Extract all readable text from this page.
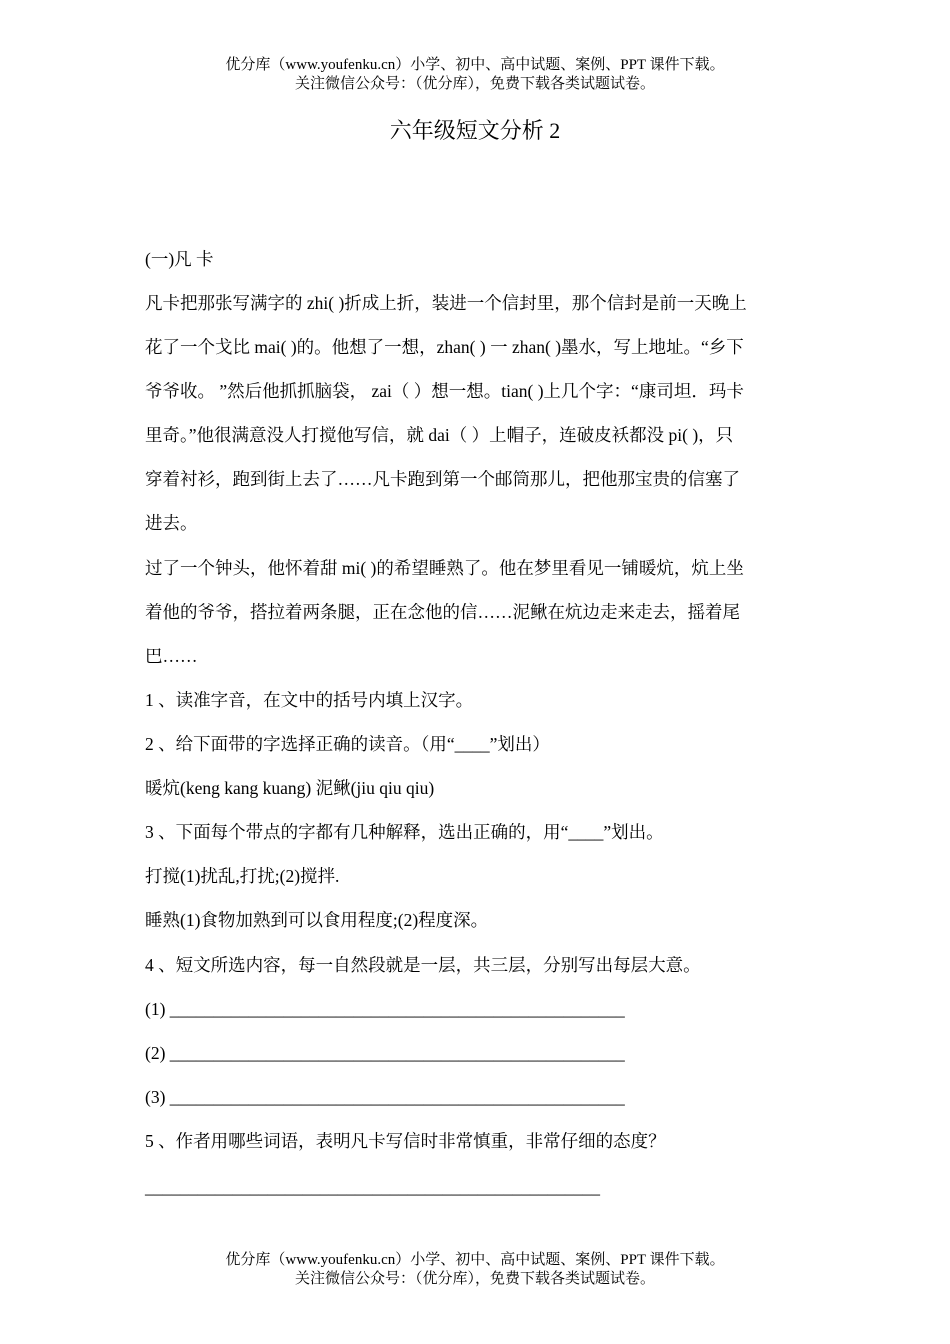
优分库（www.youfenku.cn）小学、初中、高中试题、案例、PPT 课件下载。
关注微信公众号：（优分库），免费下载各类试题试卷。
六年级短文分析 2
(一)凡 卡
凡卡把那张写满字的 zhi( )折成上折，装进一个信封里，那个信封是前一天晚上
花了一个戈比 mai( )的。他想了一想，zhan( ) 一 zhan( )墨水，写上地址。“乡下
爷爷收。 ”然后他抓抓脑袋， zai（ ）想一想。tian( )上几个字：“康司坦．玛卡
里奇。”他很满意没人打搅他写信，就 dai（ ）上帽子，连破皮袄都没 pi( )，只
穿着衬衫，跑到街上去了……凡卡跑到第一个邮筒那儿，把他那宝贵的信塞了
进去。
过了一个钟头，他怀着甜 mi( )的希望睡熟了。他在梦里看见一铺暖炕，炕上坐
着他的爷爷，搭拉着两条腿，正在念他的信……泥鳅在炕边走来走去，摇着尾
巴……
1 、读准字音，在文中的括号内填上汉字。
2 、给下面带的字选择正确的读音。（用“____”划出）
暖炕(keng kang kuang) 泥鳅(jiu qiu qiu)
3 、下面每个带点的字都有几种解释，选出正确的，用“____”划出。
打搅(1)扰乱,打扰;(2)搅拌.
睡熟(1)食物加熟到可以食用程度;(2)程度深。
4 、短文所选内容，每一自然段就是一层，共三层，分别写出每层大意。
(1) ____________________________________________________
(2) ____________________________________________________
(3) ____________________________________________________
5 、作者用哪些词语，表明凡卡写信时非常慎重，非常仔细的态度？
____________________________________________________
优分库（www.youfenku.cn）小学、初中、高中试题、案例、PPT 课件下载。
关注微信公众号：（优分库），免费下载各类试题试卷。
